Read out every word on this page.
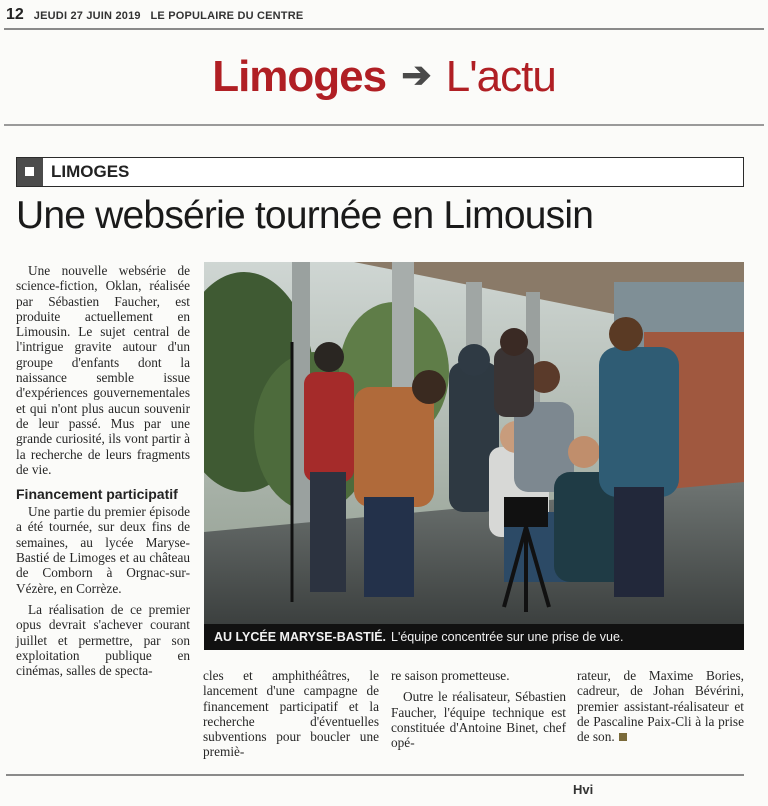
12 JEUDI 27 JUIN 2019   LE POPULAIRE DU CENTRE
Limoges ➔ L'actu
LIMOGES
Une websérie tournée en Limousin

Une nouvelle websérie de science-fiction, Oklan, réalisée par Sébastien Faucher, est produite actuellement en Limousin. Le sujet central de l'intrigue gravite autour d'un groupe d'enfants dont la naissance semble issue d'expériences gouvernementales et qui n'ont plus aucun souvenir de leur passé. Mus par une grande curiosité, ils vont partir à la recherche de leurs fragments de vie.

Financement participatif

Une partie du premier épisode a été tournée, sur deux fins de semaines, au lycée Maryse-Bastié de Limoges et au château de Comborn à Orgnac-sur-Vézère, en Corrèze.

La réalisation de ce premier opus devrait s'achever courant juillet et permettre, par son exploitation publique en cinémas, salles de specta-

AU LYCÉE MARYSE-BASTIÉ. L'équipe concentrée sur une prise de vue.

cles et amphithéâtres, le lancement d'une campagne de financement participatif et la recherche d'éventuelles subventions pour boucler une premiè-

re saison prometteuse.

Outre le réalisateur, Sébastien Faucher, l'équipe technique est constituée d'Antoine Binet, chef opé-

rateur, de Maxime Bories, cadreur, de Johan Bévérini, premier assistant-réalisateur et de Pascaline Paix-Cli à la prise de son.

Hvi
